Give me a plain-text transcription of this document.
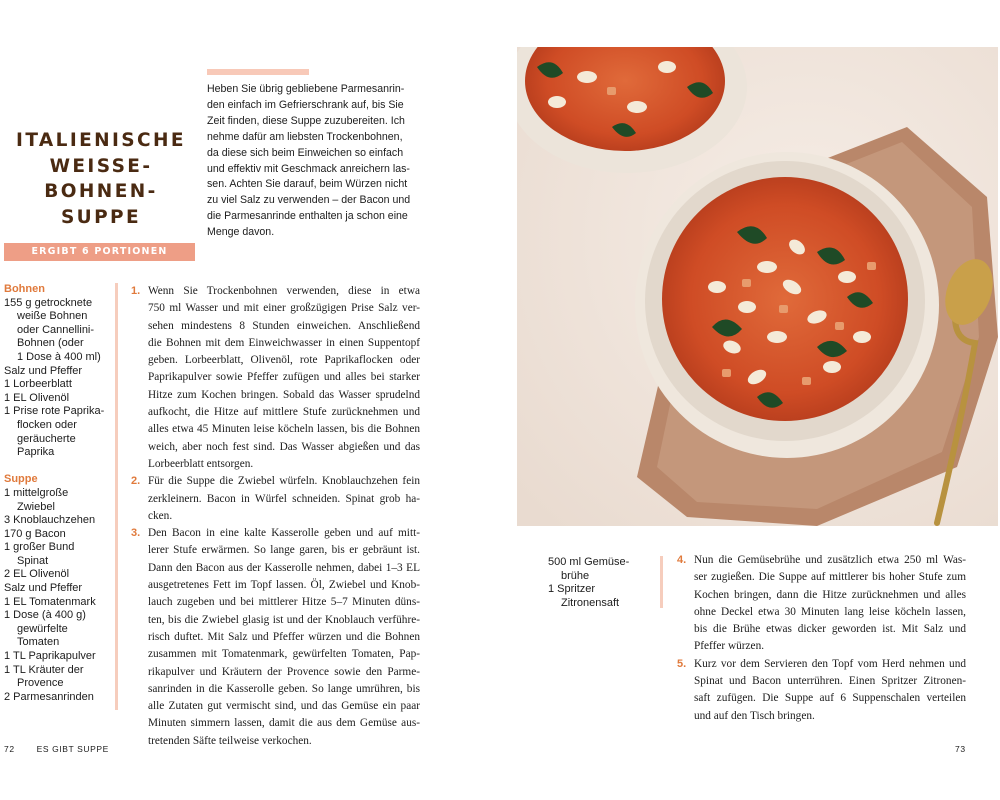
ITALIENISCHE
WEISSE-
BOHNEN-SUPPE
Heben Sie übrig gebliebene Parmesanrin-
den einfach im Gefrierschrank auf, bis Sie
Zeit finden, diese Suppe zuzubereiten. Ich
nehme dafür am liebsten Trockenbohnen,
da diese sich beim Einweichen so einfach
und effektiv mit Geschmack anreichern las-
sen. Achten Sie darauf, beim Würzen nicht
zu viel Salz zu verwenden – der Bacon und
die Parmesanrinde enthalten ja schon eine
Menge davon.
ERGIBT 6 PORTIONEN
Bohnen
155 g getrocknete
weiße Bohnen
oder Cannellini-
Bohnen (oder
1 Dose à 400 ml)
Salz und Pfeffer
1 Lorbeerblatt
1 EL Olivenöl
1 Prise rote Paprika-
flocken oder
geräucherte
Paprika
Suppe
1 mittelgroße
Zwiebel
3 Knoblauchzehen
170 g Bacon
1 großer Bund
Spinat
2 EL Olivenöl
Salz und Pfeffer
1 EL Tomatenmark
1 Dose (à 400 g)
gewürfelte
Tomaten
1 TL Paprikapulver
1 TL Kräuter der
Provence
2 Parmesanrinden
1. Wenn Sie Trockenbohnen verwenden, diese in etwa
750 ml Wasser und mit einer großzügigen Prise Salz ver-
sehen mindestens 8 Stunden einweichen. Anschließend
die Bohnen mit dem Einweichwasser in einen Suppentopf
geben. Lorbeerblatt, Olivenöl, rote Paprikaflocken oder
Paprikapulver sowie Pfeffer zufügen und alles bei starker
Hitze zum Kochen bringen. Sobald das Wasser sprudelnd
aufkocht, die Hitze auf mittlere Stufe zurücknehmen und
alles etwa 45 Minuten leise köcheln lassen, bis die Bohnen
weich, aber noch fest sind. Das Wasser abgießen und das
Lorbeerblatt entsorgen.
2. Für die Suppe die Zwiebel würfeln. Knoblauchzehen fein
zerkleinern. Bacon in Würfel schneiden. Spinat grob ha-
cken.
3. Den Bacon in eine kalte Kasserolle geben und auf mitt-
lerer Stufe erwärmen. So lange garen, bis er gebräunt ist.
Dann den Bacon aus der Kasserolle nehmen, dabei 1–3 EL
ausgetretenes Fett im Topf lassen. Öl, Zwiebel und Knob-
lauch zugeben und bei mittlerer Hitze 5–7 Minuten düns-
ten, bis die Zwiebel glasig ist und der Knoblauch verführe-
risch duftet. Mit Salz und Pfeffer würzen und die Bohnen
zusammen mit Tomatenmark, gewürfelten Tomaten, Pap-
rikapulver und Kräutern der Provence sowie den Parme-
sanrinden in die Kasserolle geben. So lange umrühren, bis
alle Zutaten gut vermischt sind, und das Gemüse ein paar
Minuten simmern lassen, damit die aus dem Gemüse aus-
tretenden Säfte teilweise verkochen.
500 ml Gemüse-
brühe
1 Spritzer
Zitronensaft
4. Nun die Gemüsebrühe und zusätzlich etwa 250 ml Was-
ser zugießen. Die Suppe auf mittlerer bis hoher Stufe zum
Kochen bringen, dann die Hitze zurücknehmen und alles
ohne Deckel etwa 30 Minuten lang leise köcheln lassen,
bis die Brühe etwas dicker geworden ist. Mit Salz und
Pfeffer würzen.
5. Kurz vor dem Servieren den Topf vom Herd nehmen und
Spinat und Bacon unterrühren. Einen Spritzer Zitronen-
saft zufügen. Die Suppe auf 6 Suppenschalen verteilen
und auf den Tisch bringen.
72	ES GIBT SUPPE	73
